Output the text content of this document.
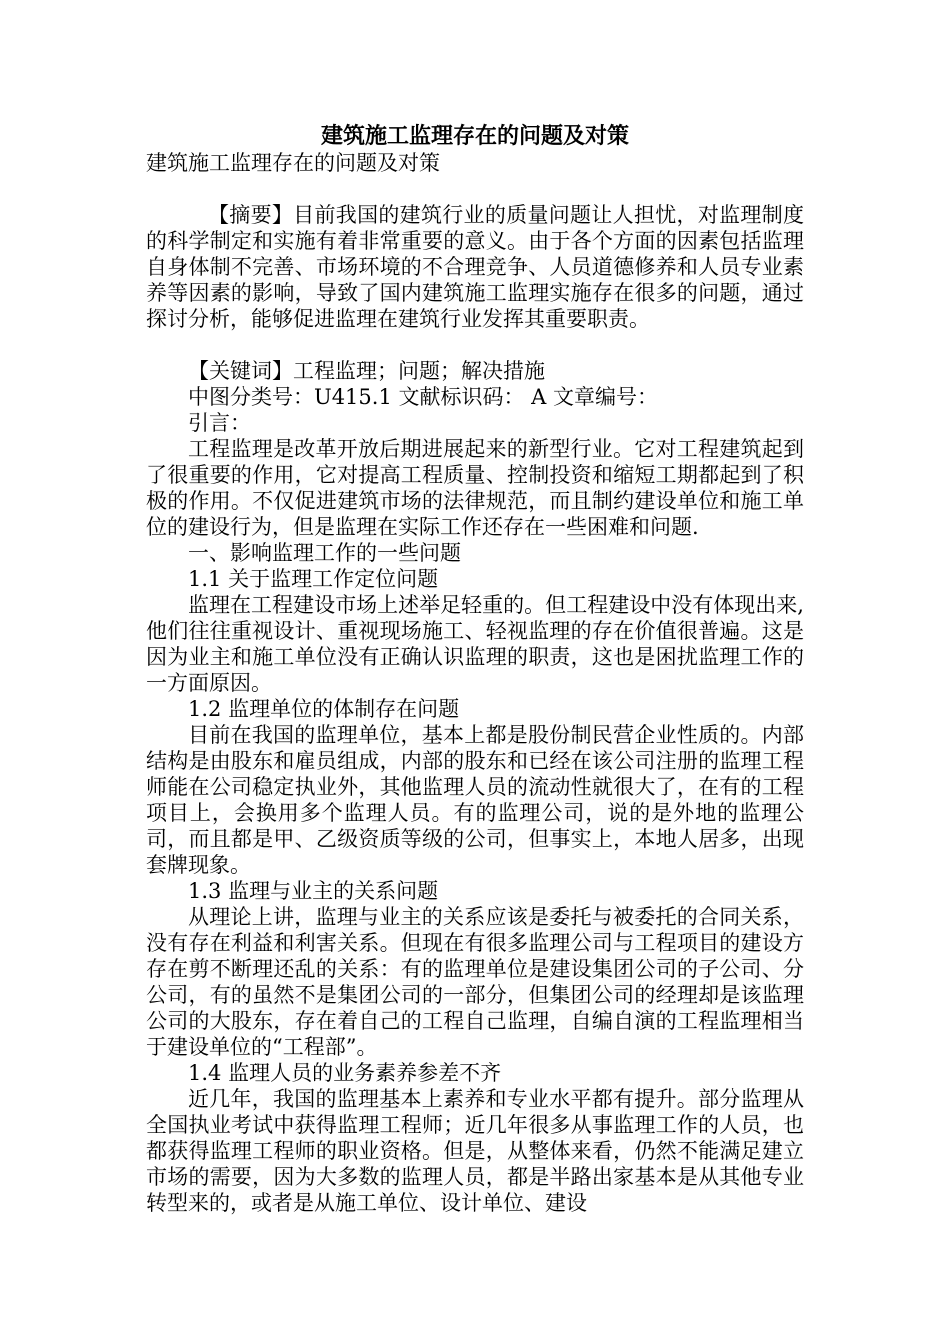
建筑施工监理存在的问题及对策

建筑施工监理存在的问题及对策

【摘要】目前我国的建筑行业的质量问题让人担忧，对监理制度的科学制定和实施有着非常重要的意义。由于各个方面的因素包括监理自身体制不完善、市场环境的不合理竞争、人员道德修养和人员专业素养等因素的影响，导致了国内建筑施工监理实施存在很多的问题，通过探讨分析，能够促进监理在建筑行业发挥其重要职责。

【关键词】工程监理；问题；解决措施

中图分类号：U415.1 文献标识码： A 文章编号：

引言：

工程监理是改革开放后期进展起来的新型行业。它对工程建筑起到了很重要的作用，它对提高工程质量、控制投资和缩短工期都起到了积极的作用。不仅促进建筑市场的法律规范，而且制约建设单位和施工单位的建设行为，但是监理在实际工作还存在一些困难和问题.

一、影响监理工作的一些问题

1.1 关于监理工作定位问题

监理在工程建设市场上述举足轻重的。但工程建设中没有体现出来,他们往往重视设计、重视现场施工、轻视监理的存在价值很普遍。这是因为业主和施工单位没有正确认识监理的职责，这也是困扰监理工作的一方面原因。

1.2 监理单位的体制存在问题

目前在我国的监理单位，基本上都是股份制民营企业性质的。内部结构是由股东和雇员组成，内部的股东和已经在该公司注册的监理工程师能在公司稳定执业外，其他监理人员的流动性就很大了，在有的工程项目上，会换用多个监理人员。有的监理公司，说的是外地的监理公司，而且都是甲、乙级资质等级的公司，但事实上，本地人居多，出现套牌现象。

1.3 监理与业主的关系问题

从理论上讲，监理与业主的关系应该是委托与被委托的合同关系，没有存在利益和利害关系。但现在有很多监理公司与工程项目的建设方存在剪不断理还乱的关系：有的监理单位是建设集团公司的子公司、分公司，有的虽然不是集团公司的一部分，但集团公司的经理却是该监理公司的大股东，存在着自己的工程自己监理，自编自演的工程监理相当于建设单位的“工程部”。

1.4 监理人员的业务素养参差不齐

近几年，我国的监理基本上素养和专业水平都有提升。部分监理从全国执业考试中获得监理工程师；近几年很多从事监理工作的人员，也都获得监理工程师的职业资格。但是，从整体来看，仍然不能满足建立市场的需要，因为大多数的监理人员，都是半路出家基本是从其他专业转型来的，或者是从施工单位、设计单位、建设
